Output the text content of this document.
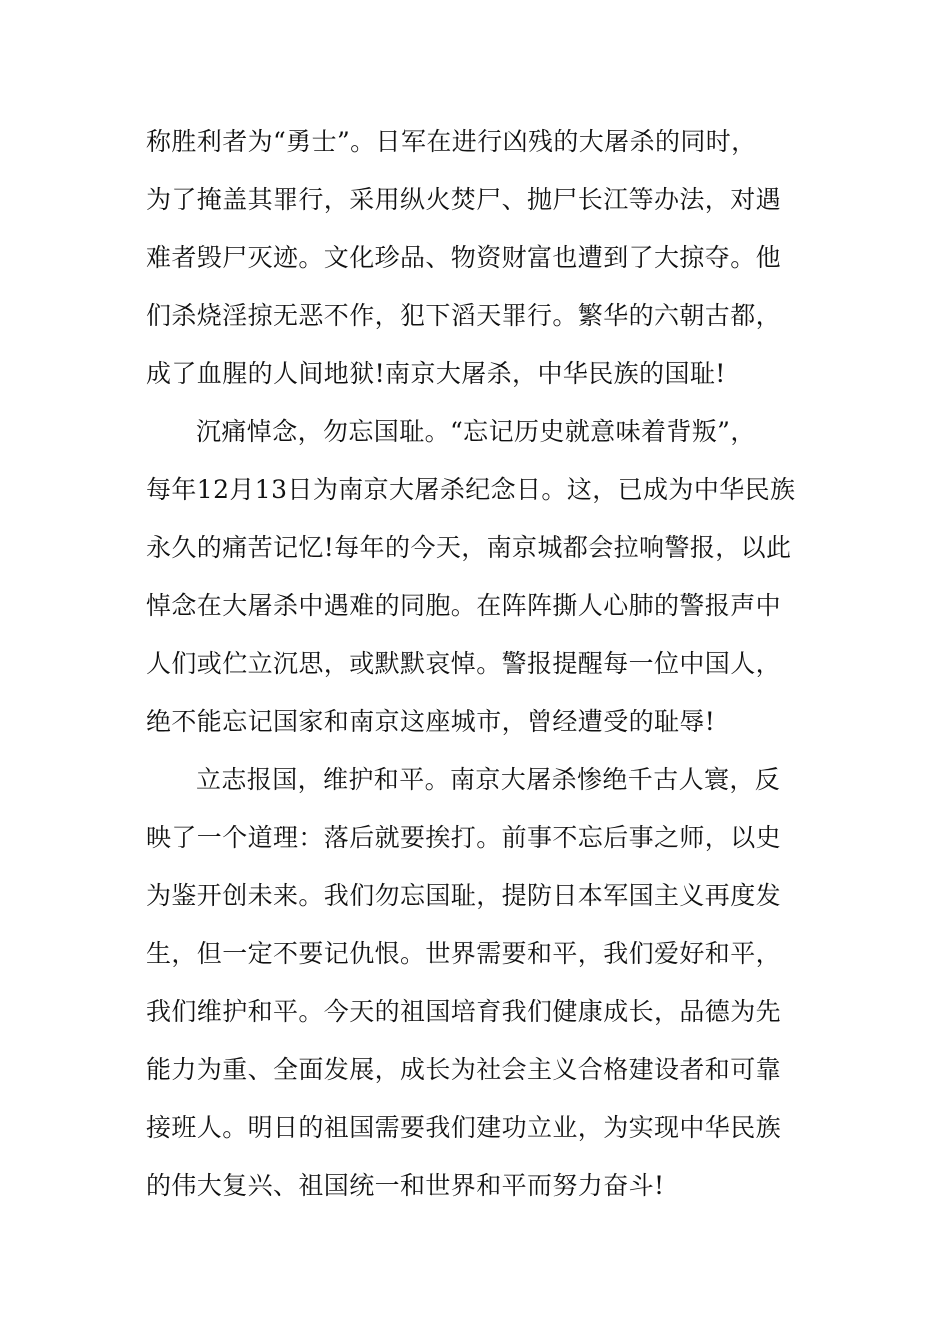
称胜利者为“勇士”。日军在进行凶残的大屠杀的同时，

为了掩盖其罪行，采用纵火焚尸、抛尸长江等办法，对遇

难者毁尸灭迹。文化珍品、物资财富也遭到了大掠夺。他

们杀烧淫掠无恶不作，犯下滔天罪行。繁华的六朝古都，

成了血腥的人间地狱!南京大屠杀，中华民族的国耻!

沉痛悼念，勿忘国耻。“忘记历史就意味着背叛”，

每年12月13日为南京大屠杀纪念日。这，已成为中华民族

永久的痛苦记忆!每年的今天，南京城都会拉响警报，以此

悼念在大屠杀中遇难的同胞。在阵阵撕人心肺的警报声中

人们或伫立沉思，或默默哀悼。警报提醒每一位中国人，

绝不能忘记国家和南京这座城市，曾经遭受的耻辱!

立志报国，维护和平。南京大屠杀惨绝千古人寰，反

映了一个道理：落后就要挨打。前事不忘后事之师，以史

为鉴开创未来。我们勿忘国耻，提防日本军国主义再度发

生，但一定不要记仇恨。世界需要和平，我们爱好和平，

我们维护和平。今天的祖国培育我们健康成长，品德为先

能力为重、全面发展，成长为社会主义合格建设者和可靠

接班人。明日的祖国需要我们建功立业，为实现中华民族

的伟大复兴、祖国统一和世界和平而努力奋斗!
